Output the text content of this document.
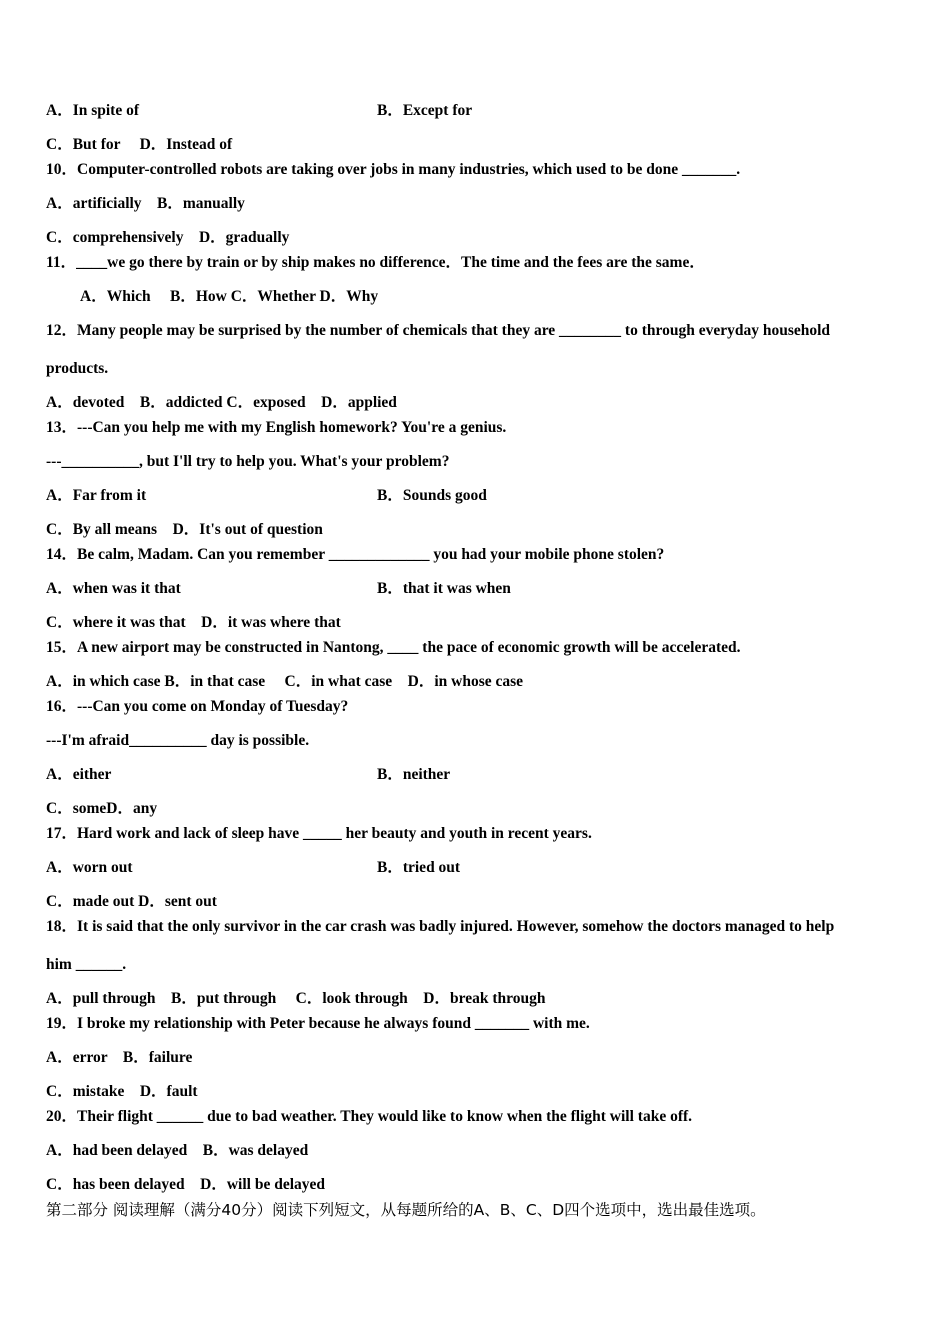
A．In spite of	B．Except for
C．But for　 D．Instead of
10．Computer-controlled robots are taking over jobs in many industries, which used to be done _______.
A．artificially　B．manually
C．comprehensively　D．gradually
11．____we go there by train or by ship makes no difference．The time and the fees are the same．
A．Which　 B．How C．Whether D．Why
12．Many people may be surprised by the number of chemicals that they are ________ to through everyday household
products.
A．devoted　B．addicted C．exposed　D．applied
13．---Can you help me with my English homework? You're a genius.
---__________, but I'll try to help you. What's your problem?
A．Far from it	B．Sounds good
C．By all means　D．It's out of question
14．Be calm, Madam. Can you remember _____________ you had your mobile phone stolen?
A．when was it that	B．that it was when
C．where it was that　D．it was where that
15．A new airport may be constructed in Nantong, ____ the pace of economic growth will be accelerated.
A．in which case B．in that case　 C．in what case　D．in whose case
16．---Can you come on Monday of Tuesday?
---I'm afraid__________ day is possible.
A．either	B．neither
C．someD．any
17．Hard work and lack of sleep have _____ her beauty and youth in recent years.
A．worn out	B．tried out
C．made out D．sent out
18．It is said that the only survivor in the car crash was badly injured. However, somehow the doctors managed to help
him ______.
A．pull through　B．put through　 C．look through　D．break through
19．I broke my relationship with Peter because he always found _______ with me.
A．error　B．failure
C．mistake　D．fault
20．Their flight ______ due to bad weather. They would like to know when the flight will take off.
A．had been delayed　B．was delayed
C．has been delayed　D．will be delayed
第二部分 阅读理解（满分40分）阅读下列短文，从每题所给的A、B、C、D四个选项中，选出最佳选项。
